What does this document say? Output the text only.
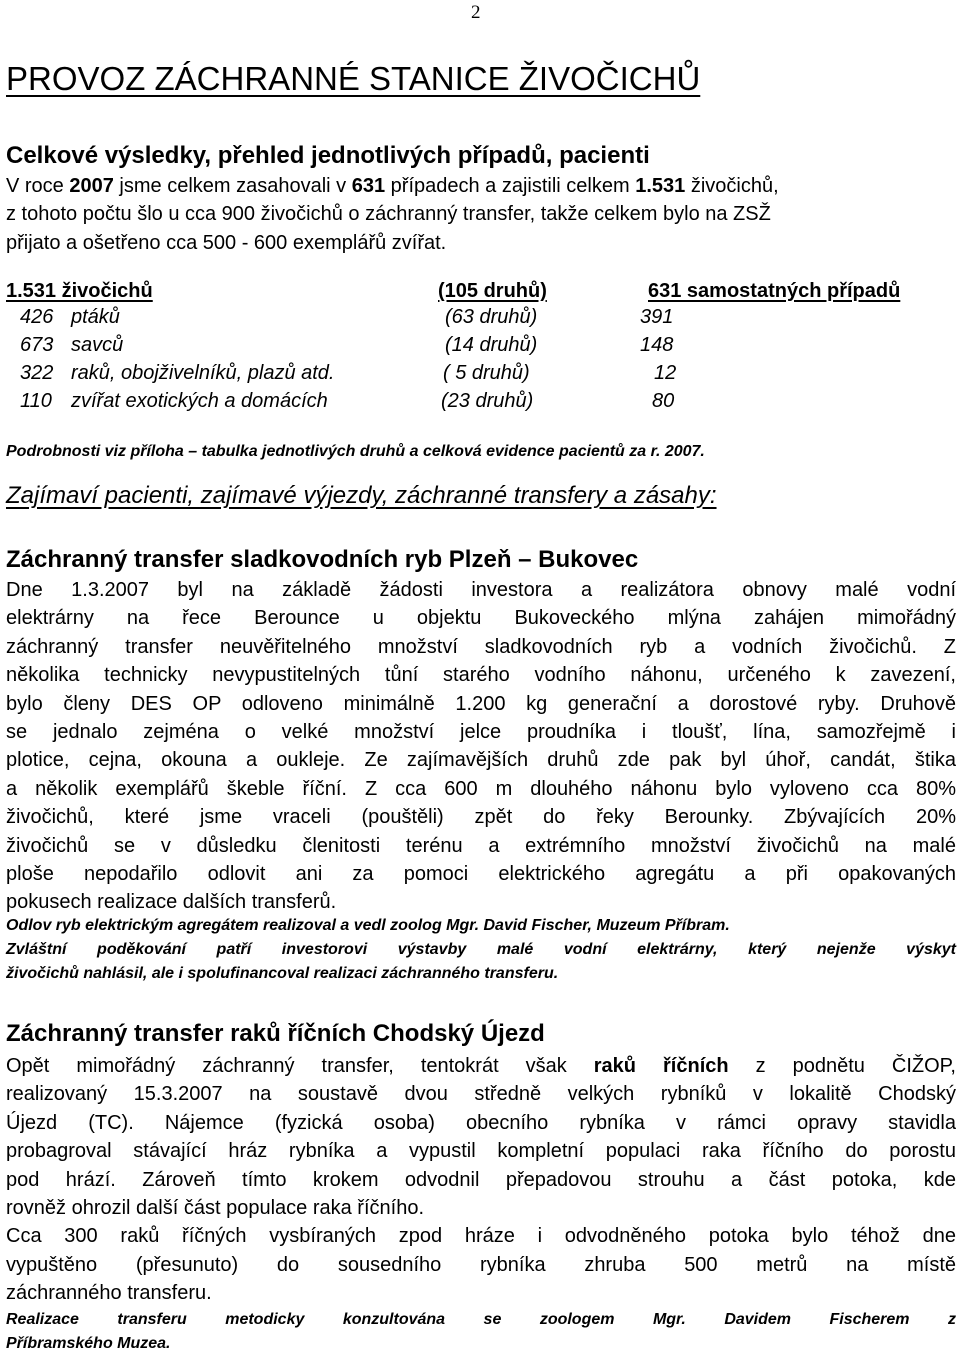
2
PROVOZ ZÁCHRANNÉ STANICE ŽIVOČICHŮ
Celkové výsledky, přehled jednotlivých případů, pacienti
V roce 2007 jsme celkem zasahovali v 631 případech a zajistili celkem 1.531 živočichů,
z tohoto počtu šlo u cca 900 živočichů o záchranný transfer, takže celkem bylo na ZSŽ
přijato a ošetřeno cca 500 - 600 exemplářů zvířat.
1.531 živočichů	(105 druhů)	631 samostatných případů
426 ptáků	(63 druhů)	391
673 savců	(14 druhů)	148
322 raků, obojživelníků, plazů atd.	( 5 druhů)	12
110 zvířat exotických a domácích	(23 druhů)	80
Podrobnosti viz příloha – tabulka jednotlivých druhů a celková evidence pacientů za r. 2007.
Zajímaví pacienti, zajímavé výjezdy, záchranné transfery a zásahy:
Záchranný transfer sladkovodních ryb Plzeň – Bukovec
Dne 1.3.2007 byl na základě žádosti investora a realizátora obnovy malé vodní
elektrárny na řece Berounce u objektu Bukoveckého mlýna zahájen mimořádný
záchranný transfer neuvěřitelného množství sladkovodních ryb a vodních živočichů. Z
několika technicky nevypustitelných tůní starého vodního náhonu, určeného k zavezení,
bylo členy DES OP odloveno minimálně 1.200 kg generační a dorostové ryby. Druhově
se jednalo zejména o velké množství jelce proudníka i tloušť, lína, samozřejmě i
plotice, cejna, okouna a oukleje. Ze zajímavějších druhů zde pak byl úhoř, candát, štika
a několik exemplářů škeble říční. Z cca 600 m dlouhého náhonu bylo vyloveno cca 80%
živočichů, které jsme vraceli (pouštěli) zpět do řeky Berounky. Zbývajících 20%
živočichů se v důsledku členitosti terénu a extrémního množství živočichů na malé
ploše nepodařilo odlovit ani za pomoci elektrického agregátu a při opakovaných
pokusech realizace dalších transferů.
Odlov ryb elektrickým agregátem realizoval a vedl zoolog Mgr. David Fischer, Muzeum Příbram.
Zvláštní poděkování patří investorovi výstavby malé vodní elektrárny, který nejenže výskyt
živočichů nahlásil, ale i spolufinancoval realizaci záchranného transferu.
Záchranný transfer raků říčních Chodský Újezd
Opět mimořádný záchranný transfer, tentokrát však raků říčních z podnětu ČIŽOP,
realizovaný 15.3.2007 na soustavě dvou středně velkých rybníků v lokalitě Chodský
Újezd (TC). Nájemce (fyzická osoba) obecního rybníka v rámci opravy stavidla
probagroval stávající hráz rybníka a vypustil kompletní populaci raka říčního do porostu
pod hrází. Zároveň tímto krokem odvodnil přepadovou strouhu a část potoka, kde
rovněž ohrozil další část populace raka říčního.
Cca 300 raků říčných vysbíraných zpod hráze i odvodněného potoka bylo téhož dne
vypuštěno (přesunuto) do sousedního rybníka zhruba 500 metrů na místě
záchranného transferu.
Realizace transferu metodicky konzultována se zoologem Mgr. Davidem Fischerem z
Příbramského Muzea.
